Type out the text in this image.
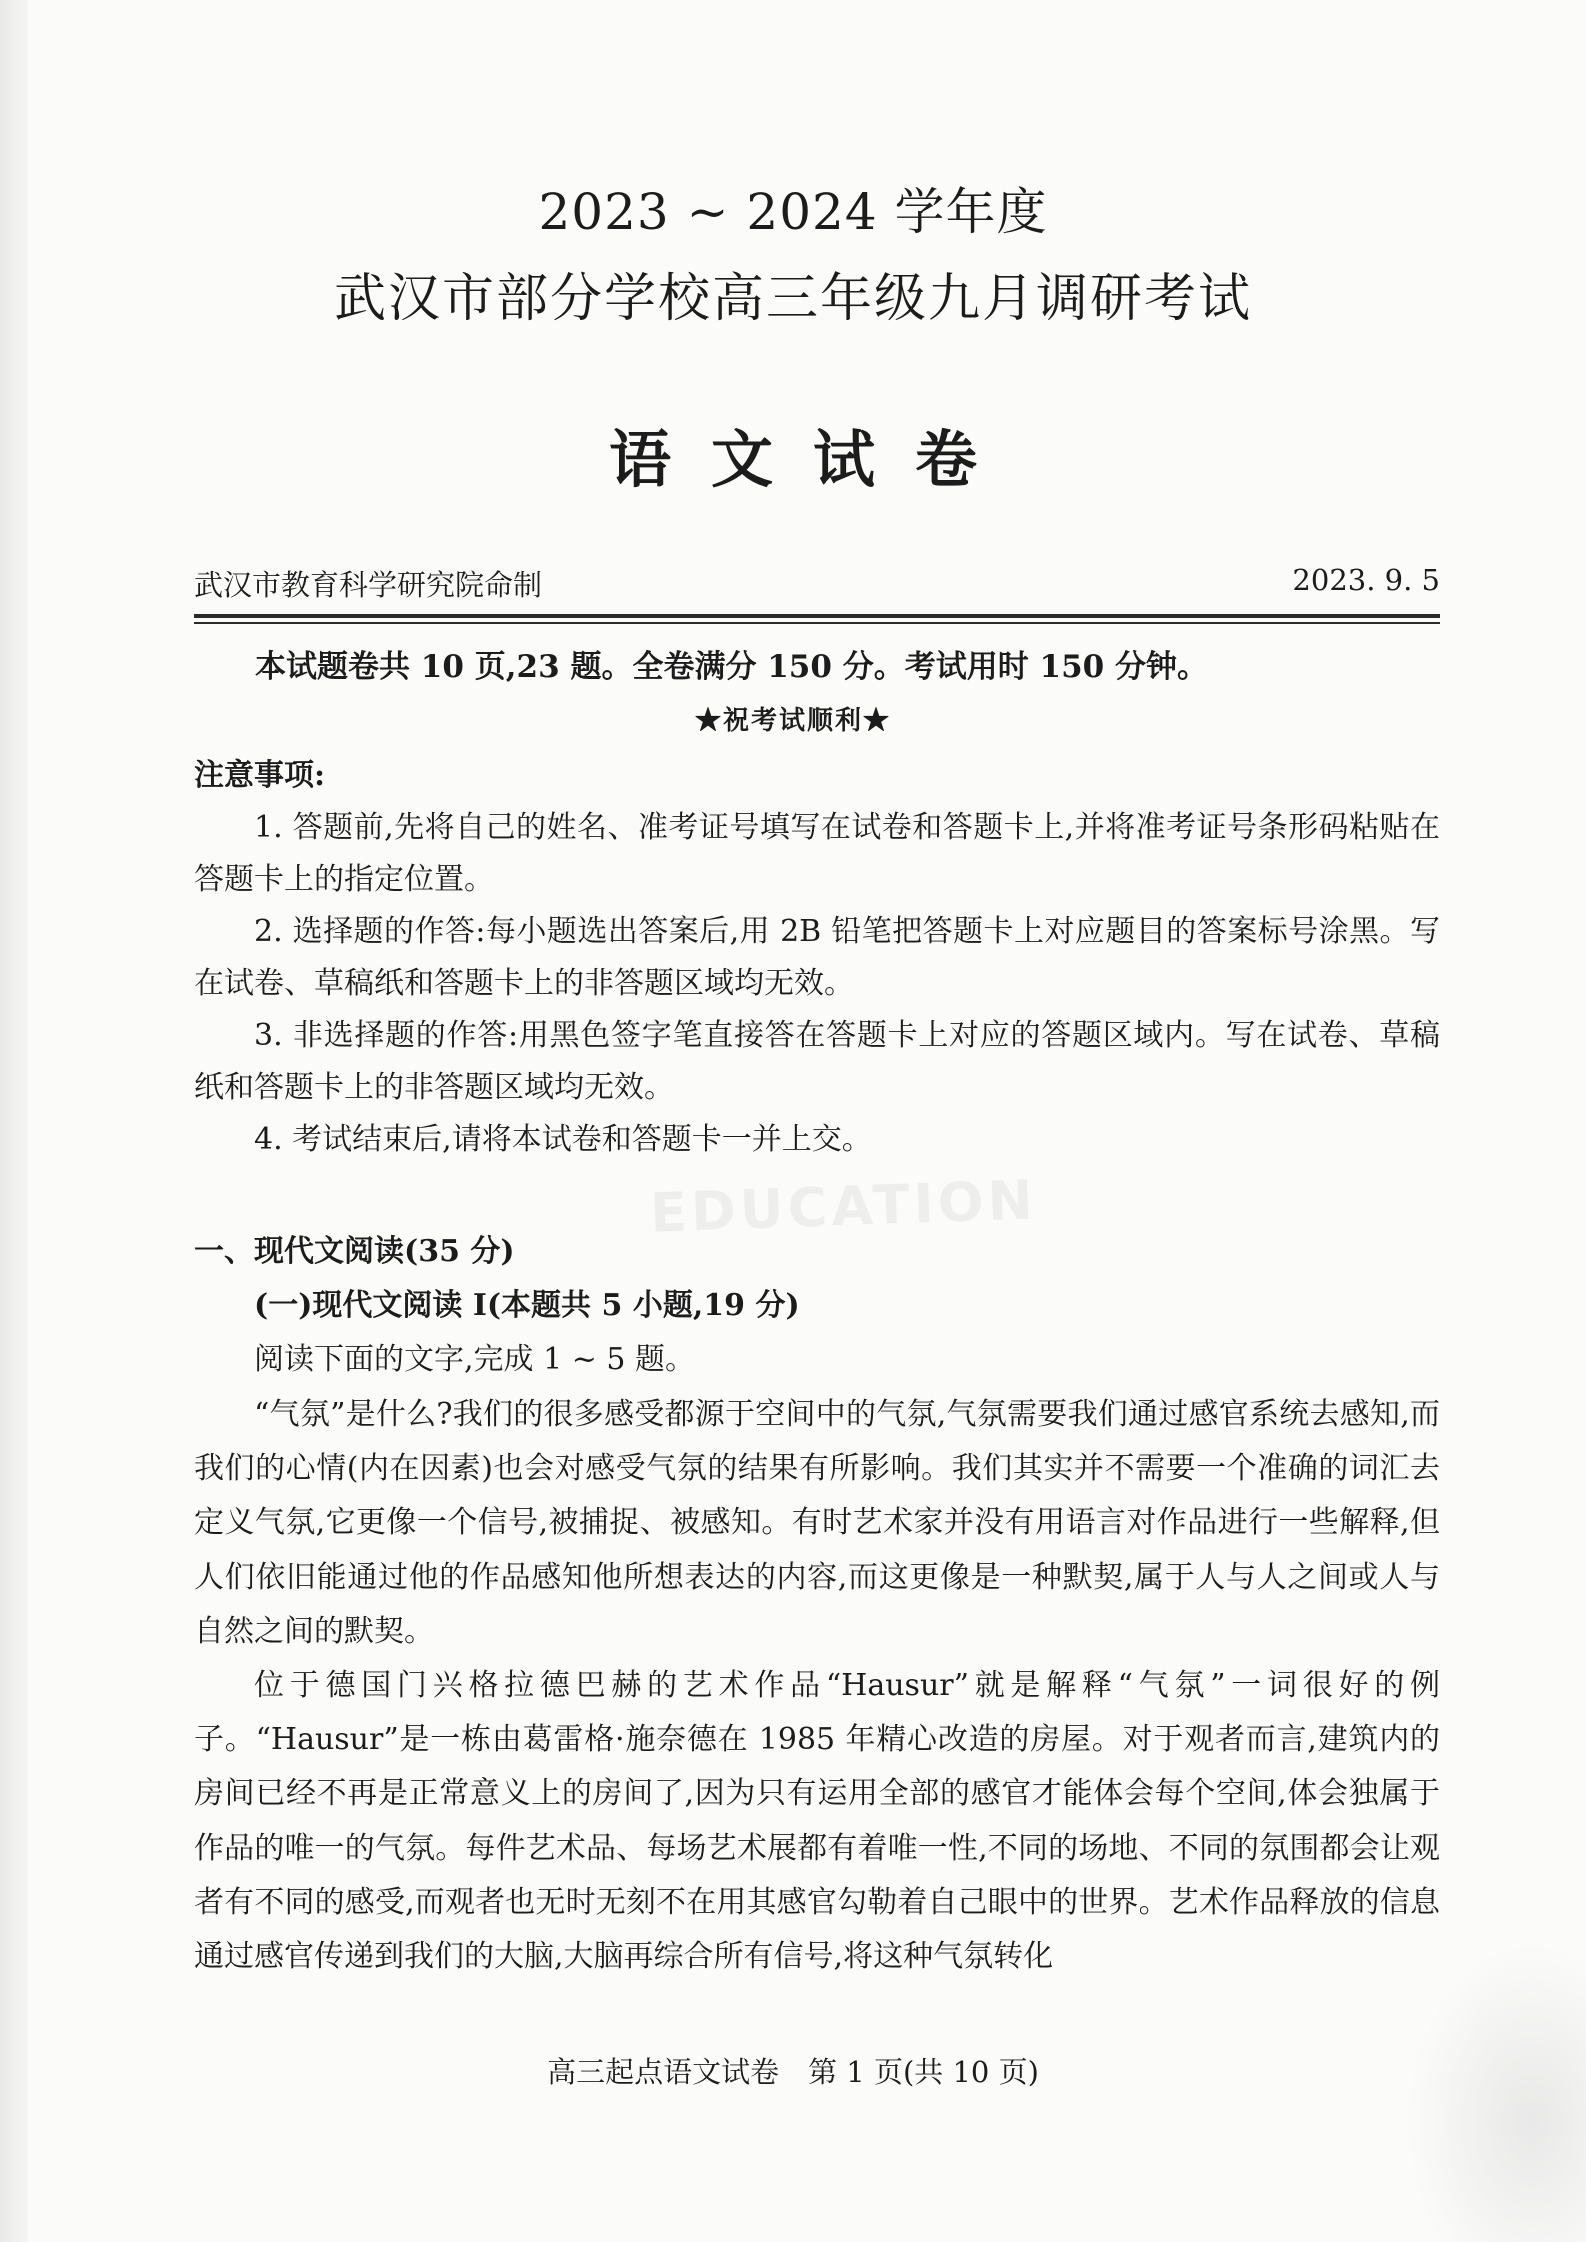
2023 ~ 2024 学年度
武汉市部分学校高三年级九月调研考试
语文试卷
武汉市教育科学研究院命制	2023. 9. 5
本试题卷共 10 页,23 题。全卷满分 150 分。考试用时 150 分钟。
★祝考试顺利★
注意事项:

1. 答题前,先将自己的姓名、准考证号填写在试卷和答题卡上,并将准考证号条形码粘贴在答题卡上的指定位置。

2. 选择题的作答:每小题选出答案后,用 2B 铅笔把答题卡上对应题目的答案标号涂黑。写在试卷、草稿纸和答题卡上的非答题区域均无效。

3. 非选择题的作答:用黑色签字笔直接答在答题卡上对应的答题区域内。写在试卷、草稿纸和答题卡上的非答题区域均无效。

4. 考试结束后,请将本试卷和答题卡一并上交。

EDUCATION
一、现代文阅读(35 分)
(一)现代文阅读 I(本题共 5 小题,19 分)

阅读下面的文字,完成 1 ~ 5 题。

“气氛”是什么?我们的很多感受都源于空间中的气氛,气氛需要我们通过感官系统去感知,而我们的心情(内在因素)也会对感受气氛的结果有所影响。我们其实并不需要一个准确的词汇去定义气氛,它更像一个信号,被捕捉、被感知。有时艺术家并没有用语言对作品进行一些解释,但人们依旧能通过他的作品感知他所想表达的内容,而这更像是一种默契,属于人与人之间或人与自然之间的默契。

位于德国门兴格拉德巴赫的艺术作品“Hausur”就是解释“气氛”一词很好的例子。“Hausur”是一栋由葛雷格·施奈德在 1985 年精心改造的房屋。对于观者而言,建筑内的房间已经不再是正常意义上的房间了,因为只有运用全部的感官才能体会每个空间,体会独属于作品的唯一的气氛。每件艺术品、每场艺术展都有着唯一性,不同的场地、不同的氛围都会让观者有不同的感受,而观者也无时无刻不在用其感官勾勒着自己眼中的世界。艺术作品释放的信息通过感官传递到我们的大脑,大脑再综合所有信号,将这种气氛转化

高三起点语文试卷　第 1 页(共 10 页)
